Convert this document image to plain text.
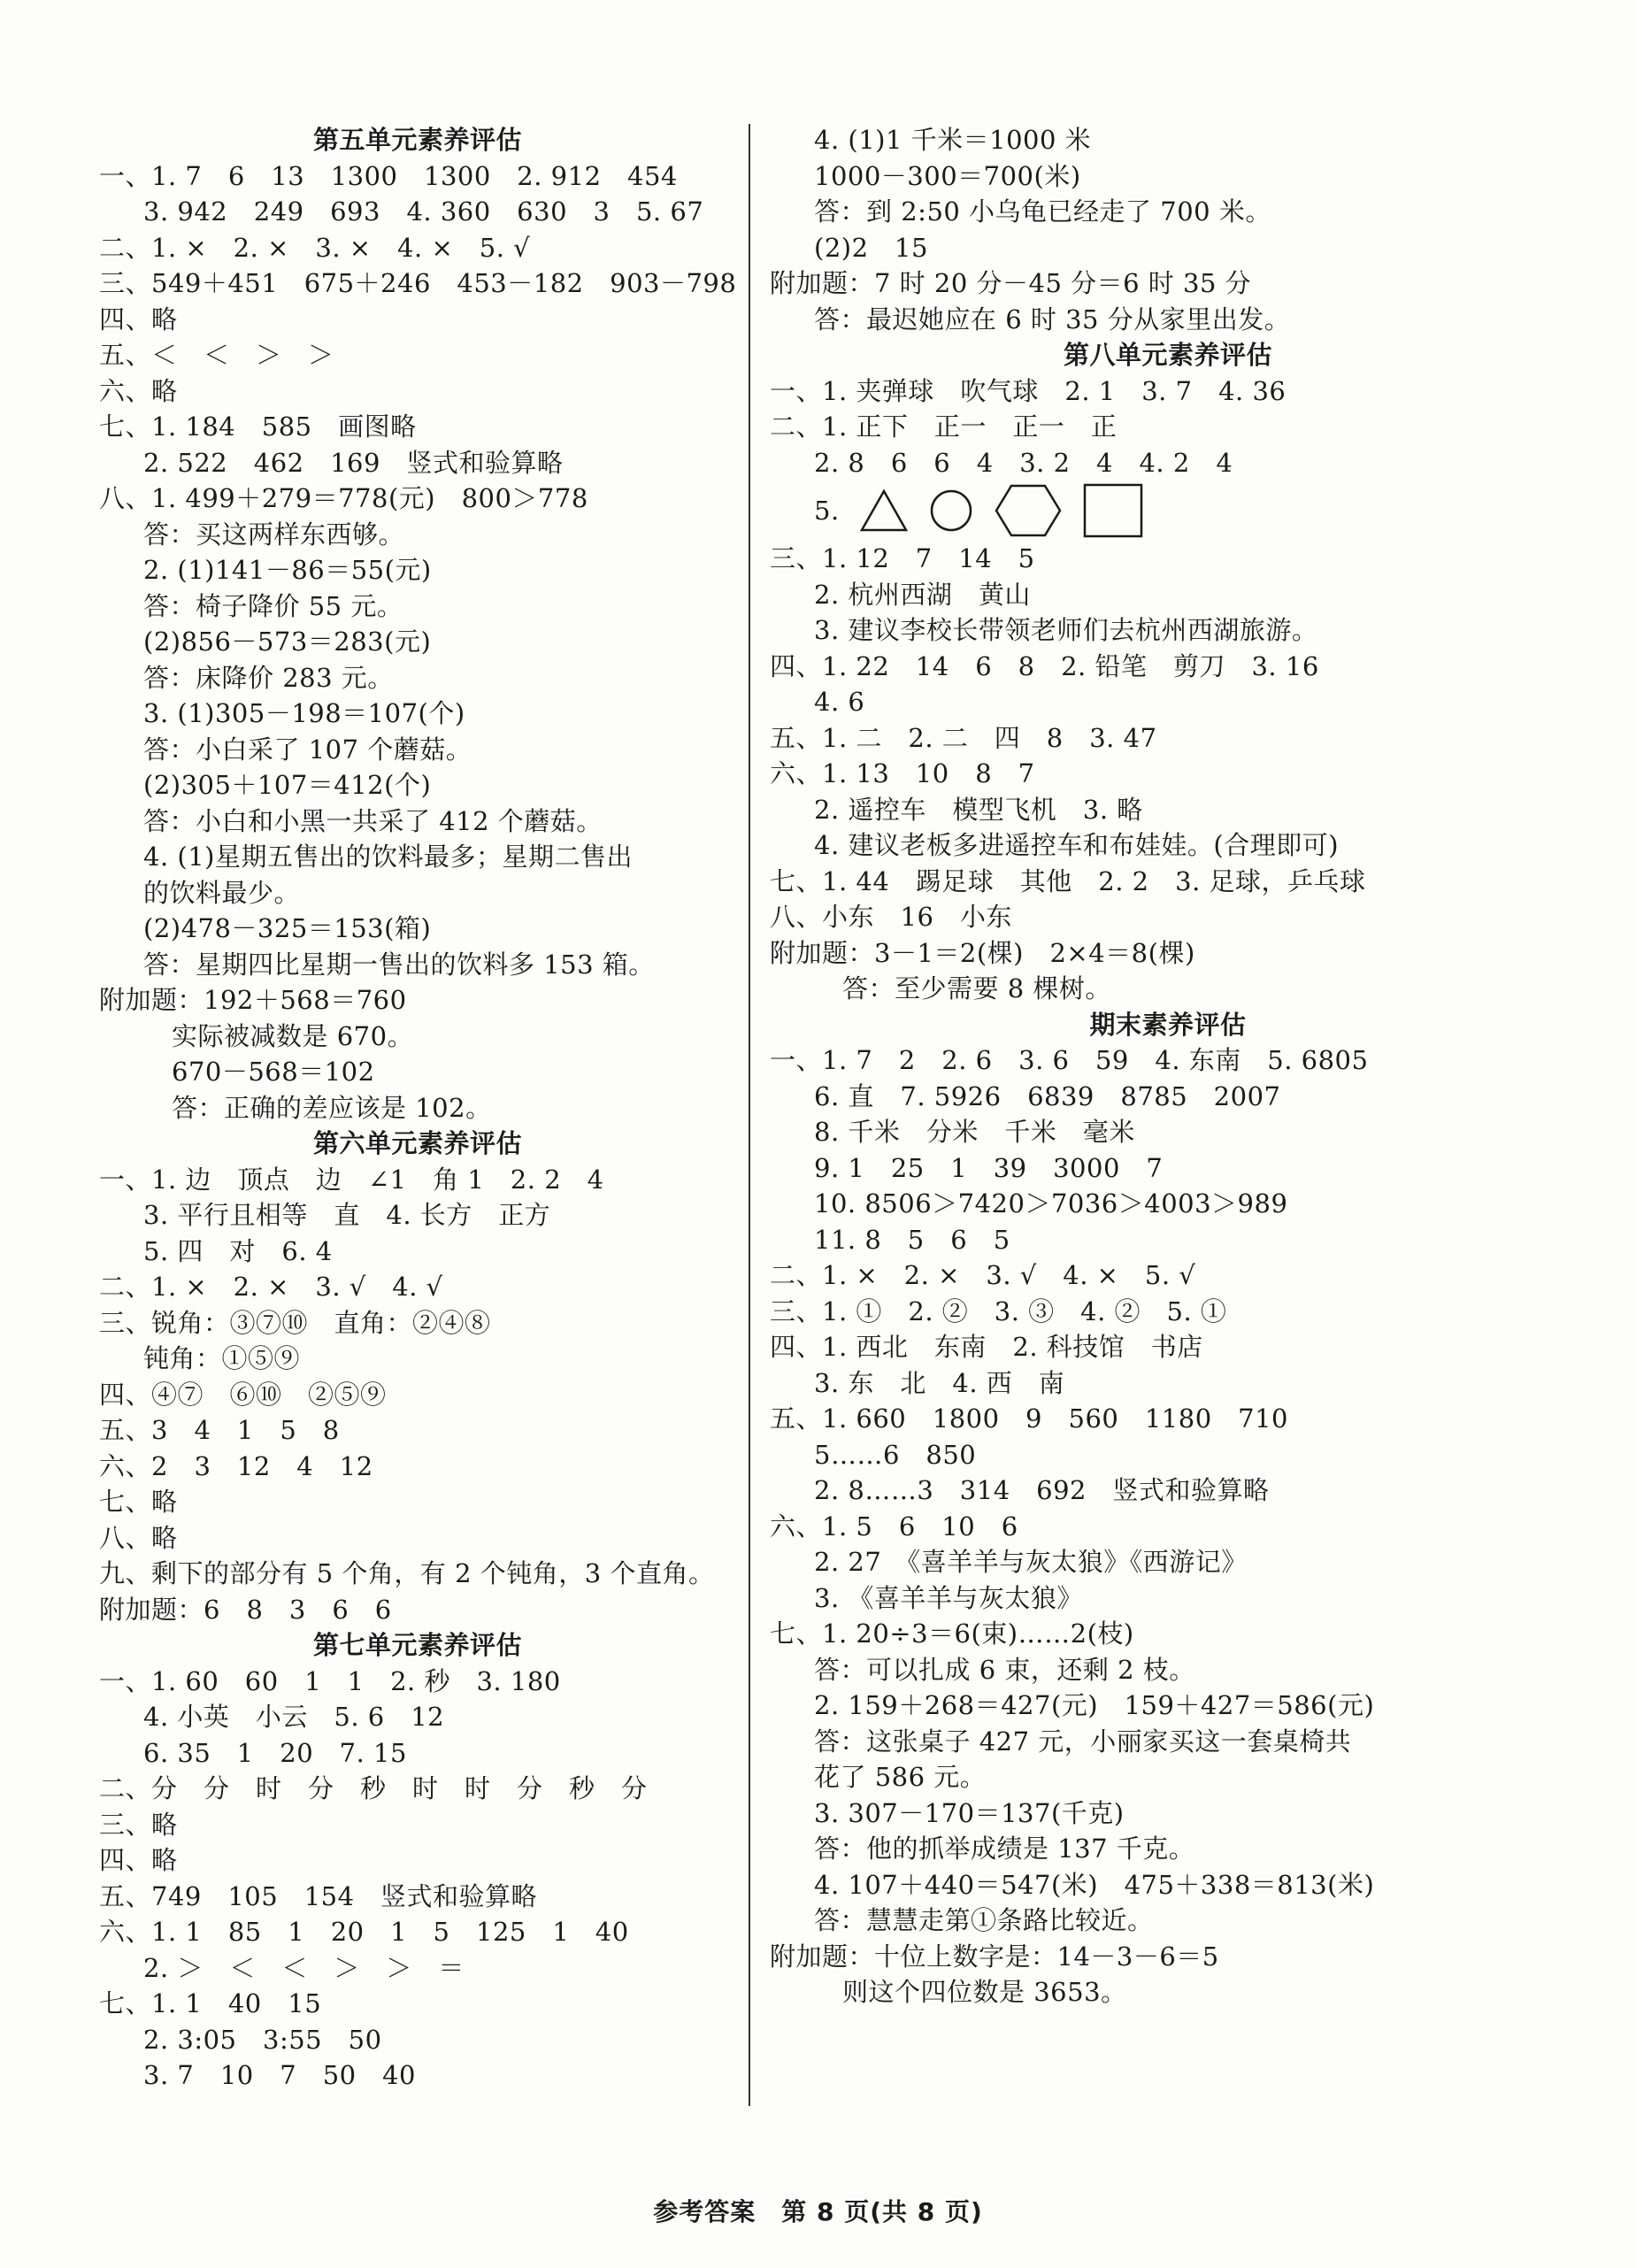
第五单元素养评估
一、1. 7　6　13　1300　1300　2. 912　454
3. 942　249　693　4. 360　630　3　5. 67
二、1. ×　2. ×　3. ×　4. ×　5. √
三、549＋451　675＋246　453－182　903－798
四、略
五、＜　＜　＞　＞
六、略
七、1. 184　585　画图略
2. 522　462　169　竖式和验算略
八、1. 499＋279＝778(元)　800＞778
答：买这两样东西够。
2. (1)141－86＝55(元)
答：椅子降价 55 元。
(2)856－573＝283(元)
答：床降价 283 元。
3. (1)305－198＝107(个)
答：小白采了 107 个蘑菇。
(2)305＋107＝412(个)
答：小白和小黑一共采了 412 个蘑菇。
4. (1)星期五售出的饮料最多；星期二售出
的饮料最少。
(2)478－325＝153(箱)
答：星期四比星期一售出的饮料多 153 箱。
附加题：192＋568＝760
实际被减数是 670。
670－568＝102
答：正确的差应该是 102。
第六单元素养评估
一、1. 边　顶点　边　∠1　角 1　2. 2　4
3. 平行且相等　直　4. 长方　正方
5. 四　对　6. 4
二、1. ×　2. ×　3. √　4. √
三、锐角：③⑦⑩　直角：②④⑧
钝角：①⑤⑨
四、④⑦　⑥⑩　②⑤⑨
五、3　4　1　5　8
六、2　3　12　4　12
七、略
八、略
九、剩下的部分有 5 个角，有 2 个钝角，3 个直角。
附加题：6　8　3　6　6
第七单元素养评估
一、1. 60　60　1　1　2. 秒　3. 180
4. 小英　小云　5. 6　12
6. 35　1　20　7. 15
二、分　分　时　分　秒　时　时　分　秒　分
三、略
四、略
五、749　105　154　竖式和验算略
六、1. 1　85　1　20　1　5　125　1　40
2. ＞　＜　＜　＞　＞　＝
七、1. 1　40　15
2. 3:05　3:55　50
3. 7　10　7　50　40
4. (1)1 千米＝1000 米
1000－300＝700(米)
答：到 2:50 小乌龟已经走了 700 米。
(2)2　15
附加题：7 时 20 分－45 分＝6 时 35 分
答：最迟她应在 6 时 35 分从家里出发。
第八单元素养评估
一、1. 夹弹球　吹气球　2. 1　3. 7　4. 36
二、1. 正下　正一　正一　正
2. 8　6　6　4　3. 2　4　4. 2　4
5.
三、1. 12　7　14　5
2. 杭州西湖　黄山
3. 建议李校长带领老师们去杭州西湖旅游。
四、1. 22　14　6　8　2. 铅笔　剪刀　3. 16
4. 6
五、1. 二　2. 二　四　8　3. 47
六、1. 13　10　8　7
2. 遥控车　模型飞机　3. 略
4. 建议老板多进遥控车和布娃娃。(合理即可)
七、1. 44　踢足球　其他　2. 2　3. 足球，乒乓球
八、小东　16　小东
附加题：3－1＝2(棵)　2×4＝8(棵)
答：至少需要 8 棵树。
期末素养评估
一、1. 7　2　2. 6　3. 6　59　4. 东南　5. 6805
6. 直　7. 5926　6839　8785　2007
8. 千米　分米　千米　毫米
9. 1　25　1　39　3000　7
10. 8506＞7420＞7036＞4003＞989
11. 8　5　6　5
二、1. ×　2. ×　3. √　4. ×　5. √
三、1. ①　2. ②　3. ③　4. ②　5. ①
四、1. 西北　东南　2. 科技馆　书店
3. 东　北　4. 西　南
五、1. 660　1800　9　560　1180　710
5……6　850
2. 8……3　314　692　竖式和验算略
六、1. 5　6　10　6
2. 27　《喜羊羊与灰太狼》《西游记》
3. 《喜羊羊与灰太狼》
七、1. 20÷3＝6(束)……2(枝)
答：可以扎成 6 束，还剩 2 枝。
2. 159＋268＝427(元)　159＋427＝586(元)
答：这张桌子 427 元，小丽家买这一套桌椅共
花了 586 元。
3. 307－170＝137(千克)
答：他的抓举成绩是 137 千克。
4. 107＋440＝547(米)　475＋338＝813(米)
答：慧慧走第①条路比较近。
附加题：十位上数字是：14－3－6＝5
则这个四位数是 3653。
参考答案　第 8 页(共 8 页)
